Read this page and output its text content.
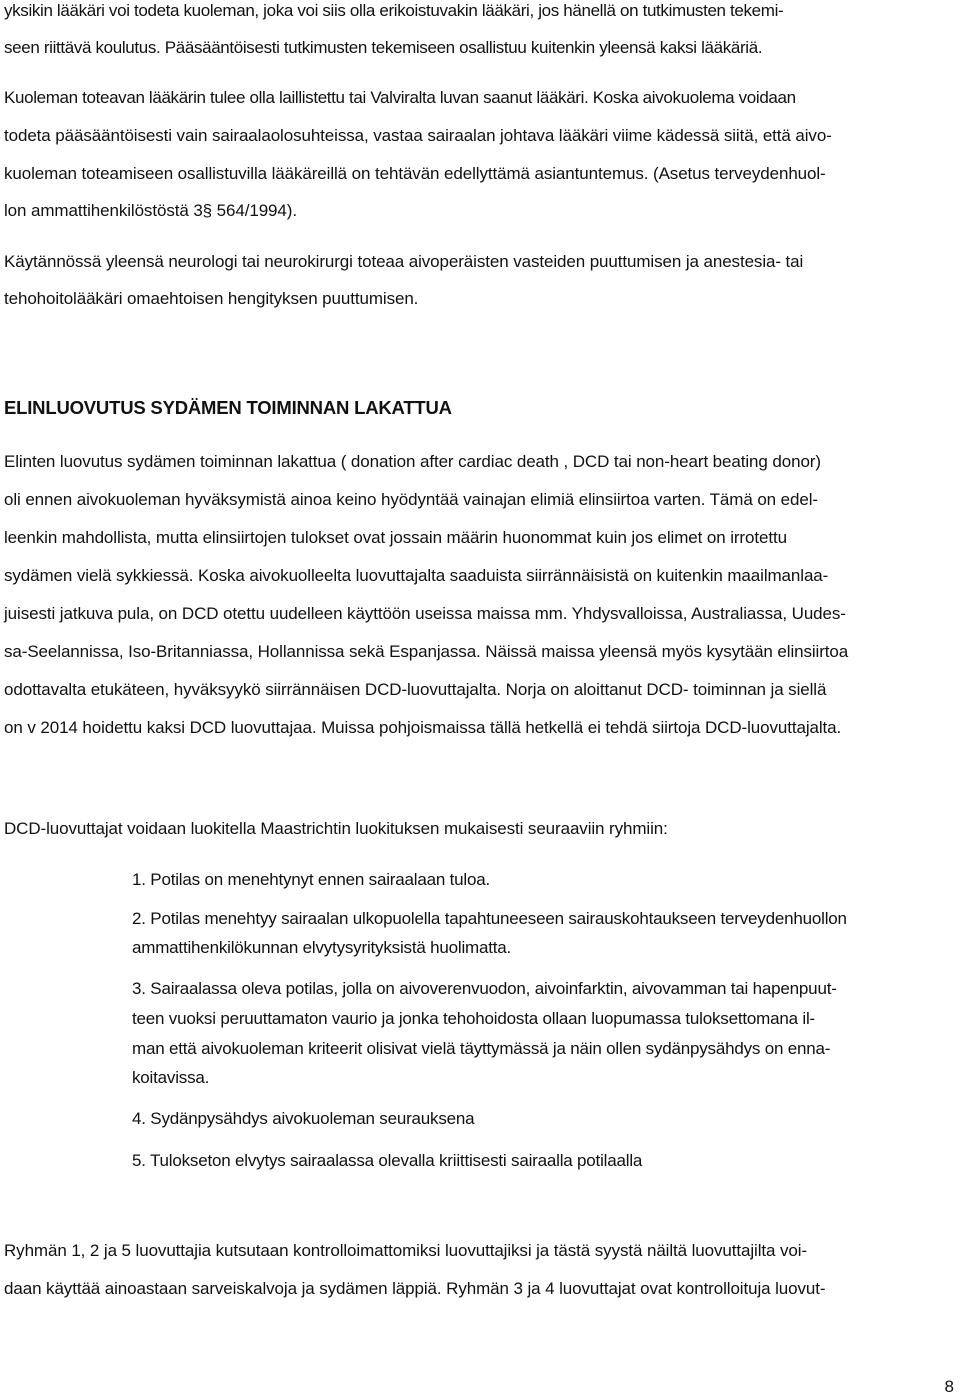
yksikin lääkäri voi todeta kuoleman, joka voi siis olla erikoistuvakin lääkäri, jos hänellä on tutkimusten tekemi-
seen riittävä koulutus. Pääsääntöisesti tutkimusten tekemiseen osallistuu kuitenkin yleensä kaksi lääkäriä.
Kuoleman toteavan lääkärin tulee olla laillistettu tai Valviralta luvan saanut lääkäri. Koska aivokuolema voidaan
todeta pääsääntöisesti vain sairaalaolosuhteissa, vastaa sairaalan johtava lääkäri viime kädessä siitä, että aivo-
kuoleman toteamiseen osallistuvilla lääkäreillä on tehtävän edellyttämä asiantuntemus. (Asetus terveydenhuol-
lon ammattihenkilöstöstä 3§ 564/1994).
Käytännössä yleensä neurologi tai neurokirurgi toteaa aivoperäisten vasteiden puuttumisen ja anestesia- tai
tehohoitolääkäri omaehtoisen hengityksen puuttumisen.
ELINLUOVUTUS SYDÄMEN TOIMINNAN LAKATTUA
Elinten luovutus sydämen toiminnan lakattua ( donation after cardiac death , DCD tai non-heart beating donor)
oli ennen aivokuoleman hyväksymistä ainoa keino hyödyntää vainajan elimiä elinsiirtoa varten. Tämä on edel-
leenkin mahdollista, mutta elinsiirtojen tulokset ovat jossain määrin huonommat kuin jos elimet on irrotettu
sydämen vielä sykkiessä. Koska aivokuolleelta luovuttajalta saaduista siirrännäisistä on kuitenkin maailmanlaa-
juisesti jatkuva pula, on DCD otettu uudelleen käyttöön useissa maissa mm. Yhdysvalloissa, Australiassa, Uudes-
sa-Seelannissa, Iso-Britanniassa, Hollannissa sekä Espanjassa. Näissä maissa yleensä myös kysytään elinsiirtoa
odottavalta etukäteen, hyväksyykö siirrännäisen DCD-luovuttajalta. Norja on aloittanut DCD- toiminnan ja siellä
on v 2014 hoidettu kaksi DCD luovuttajaa. Muissa pohjoismaissa tällä hetkellä ei tehdä siirtoja DCD-luovuttajalta.
DCD-luovuttajat voidaan luokitella Maastrichtin luokituksen mukaisesti seuraaviin ryhmiin:
1. Potilas on menehtynyt ennen sairaalaan tuloa.
2. Potilas menehtyy sairaalan ulkopuolella tapahtuneeseen sairauskohtaukseen terveydenhuollon
ammattihenkilökunnan elvytysyrityksistä huolimatta.
3. Sairaalassa oleva potilas, jolla on aivoverenvuodon, aivoinfarktin, aivovamman tai hapenpuut-
teen vuoksi peruuttamaton vaurio ja jonka tehohoidosta ollaan luopumassa tuloksettomana il-
man että aivokuoleman kriteerit olisivat vielä täyttymässä ja näin ollen sydänpysähdys on enna-
koitavissa.
4. Sydänpysähdys aivokuoleman seurauksena
5. Tulokseton elvytys sairaalassa olevalla kriittisesti sairaalla potilaalla
Ryhmän 1, 2 ja 5 luovuttajia kutsutaan kontrolloimattomiksi luovuttajiksi ja tästä syystä näiltä luovuttajilta voi-
daan käyttää ainoastaan sarveiskalvoja ja sydämen läppiä. Ryhmän 3 ja 4 luovuttajat ovat kontrolloituja luovut-
8
